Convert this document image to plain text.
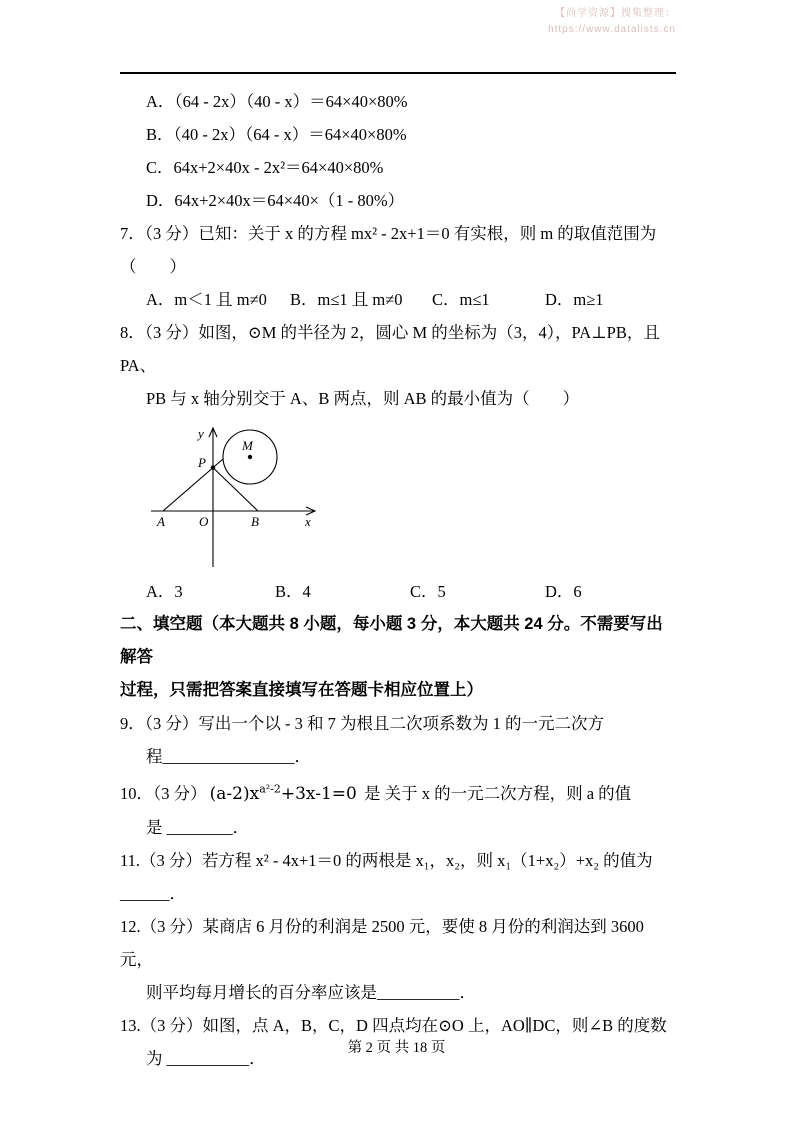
【尚学资源】搜集整理：
https://www.datalists.cn
A．（64 - 2x）（40 - x）＝64×40×80%
B．（40 - 2x）（64 - x）＝64×40×80%
C．64x+2×40x - 2x²＝64×40×80%
D．64x+2×40x＝64×40×（1 - 80%）
7．（3 分）已知：关于 x 的方程 mx² - 2x+1＝0 有实根，则 m 的取值范围为（　　）
A．m＜1 且 m≠0	B．m≤1 且 m≠0	C．m≤1	D．m≥1
8．（3 分）如图，⊙M 的半径为 2，圆心 M 的坐标为（3，4），PA⊥PB，且 PA、
PB 与 x 轴分别交于 A、B 两点，则 AB 的最小值为（　　）
y
x
O
A	B
P
M
A．3	B．4	C．5	D．6
二、填空题（本大题共 8 小题，每小题 3 分，本大题共 24 分。不需要写出解答
过程，只需把答案直接填写在答题卡相应位置上）
9．（3 分）写出一个以 - 3 和 7 为根且二次项系数为 1 的一元二次方
程________________．
10．（3 分） $(a-2)x^{a^2-2}+3x-1=0$ 是 关于 x 的一元二次方程，则 a 的值
是 ________．
11.（3 分）若方程 x² - 4x+1＝0 的两根是 x₁，x₂，则 x₁（1+x₂）+x₂ 的值为______．
12.（3 分）某商店 6 月份的利润是 2500 元，要使 8 月份的利润达到 3600 元，
则平均每月增长的百分率应该是__________．
13.（3 分）如图，点 A，B，C，D 四点均在⊙O 上，AO∥DC，则∠B 的度数
为 __________．
第 2 页 共 18 页
